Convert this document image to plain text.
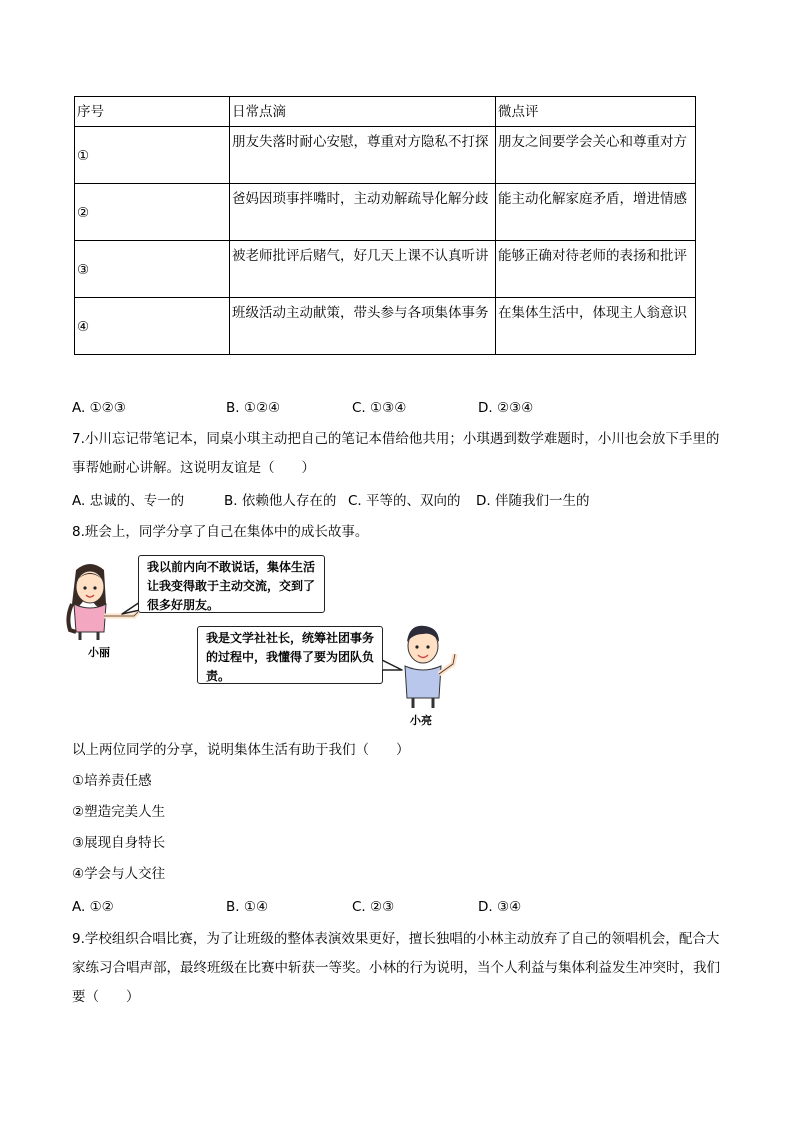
序号	日常点滴	微点评
①	朋友失落时耐心安慰，尊重对方隐私不打探	朋友之间要学会关心和尊重对方
②	爸妈因琐事拌嘴时，主动劝解疏导化解分歧	能主动化解家庭矛盾，增进情感
③	被老师批评后赌气，好几天上课不认真听讲	能够正确对待老师的表扬和批评
④	班级活动主动献策，带头参与各项集体事务	在集体生活中，体现主人翁意识
A. ①②③	B. ①②④	C. ①③④	D. ②③④
7.小川忘记带笔记本，同桌小琪主动把自己的笔记本借给他共用；小琪遇到数学难题时，小川也会放下手里的事帮她耐心讲解。这说明友谊是（　　）
A. 忠诚的、专一的	B. 依赖他人存在的 C. 平等的、双向的 D. 伴随我们一生的
8.班会上，同学分享了自己在集体中的成长故事。
小丽
我以前内向不敢说话，集体生活让我变得敢于主动交流，交到了很多好朋友。
我是文学社社长，统筹社团事务的过程中，我懂得了要为团队负责。
小亮
以上两位同学的分享，说明集体生活有助于我们（　　）
①培养责任感
②塑造完美人生
③展现自身特长
④学会与人交往
A. ①②	B. ①④	C. ②③	D. ③④
9.学校组织合唱比赛，为了让班级的整体表演效果更好，擅长独唱的小林主动放弃了自己的领唱机会，配合大家练习合唱声部，最终班级在比赛中斩获一等奖。小林的行为说明，当个人利益与集体利益发生冲突时，我们要（　　）
